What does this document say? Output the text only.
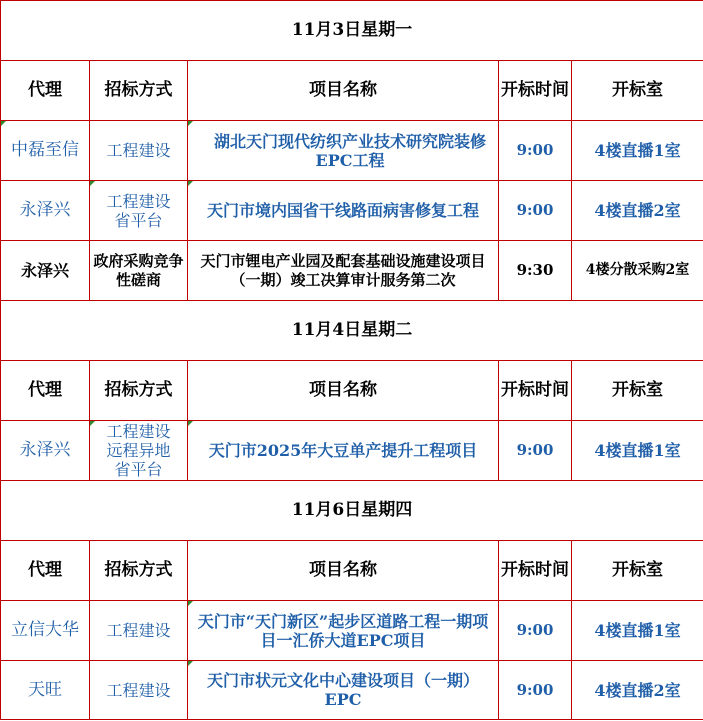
11月3日星期一				
代理	招标方式	项目名称	开标时间	开标室
中磊至信	工程建设	湖北天门现代纺织产业技术研究院装修EPC工程	9:00	4楼直播1室
永泽兴	工程建设省平台	天门市境内国省干线路面病害修复工程	9:00	4楼直播2室
永泽兴	政府采购竞争性磋商	天门市锂电产业园及配套基础设施建设项目（一期）竣工决算审计服务第二次	9:30	4楼分散采购2室
11月4日星期二				
代理	招标方式	项目名称	开标时间	开标室
永泽兴	工程建设远程异地省平台	天门市2025年大豆单产提升工程项目	9:00	4楼直播1室
11月6日星期四				
代理	招标方式	项目名称	开标时间	开标室
立信大华	工程建设	天门市“天门新区”起步区道路工程一期项目一汇侨大道EPC项目	9:00	4楼直播1室
天旺	工程建设	天门市状元文化中心建设项目（一期）EPC	9:00	4楼直播2室
